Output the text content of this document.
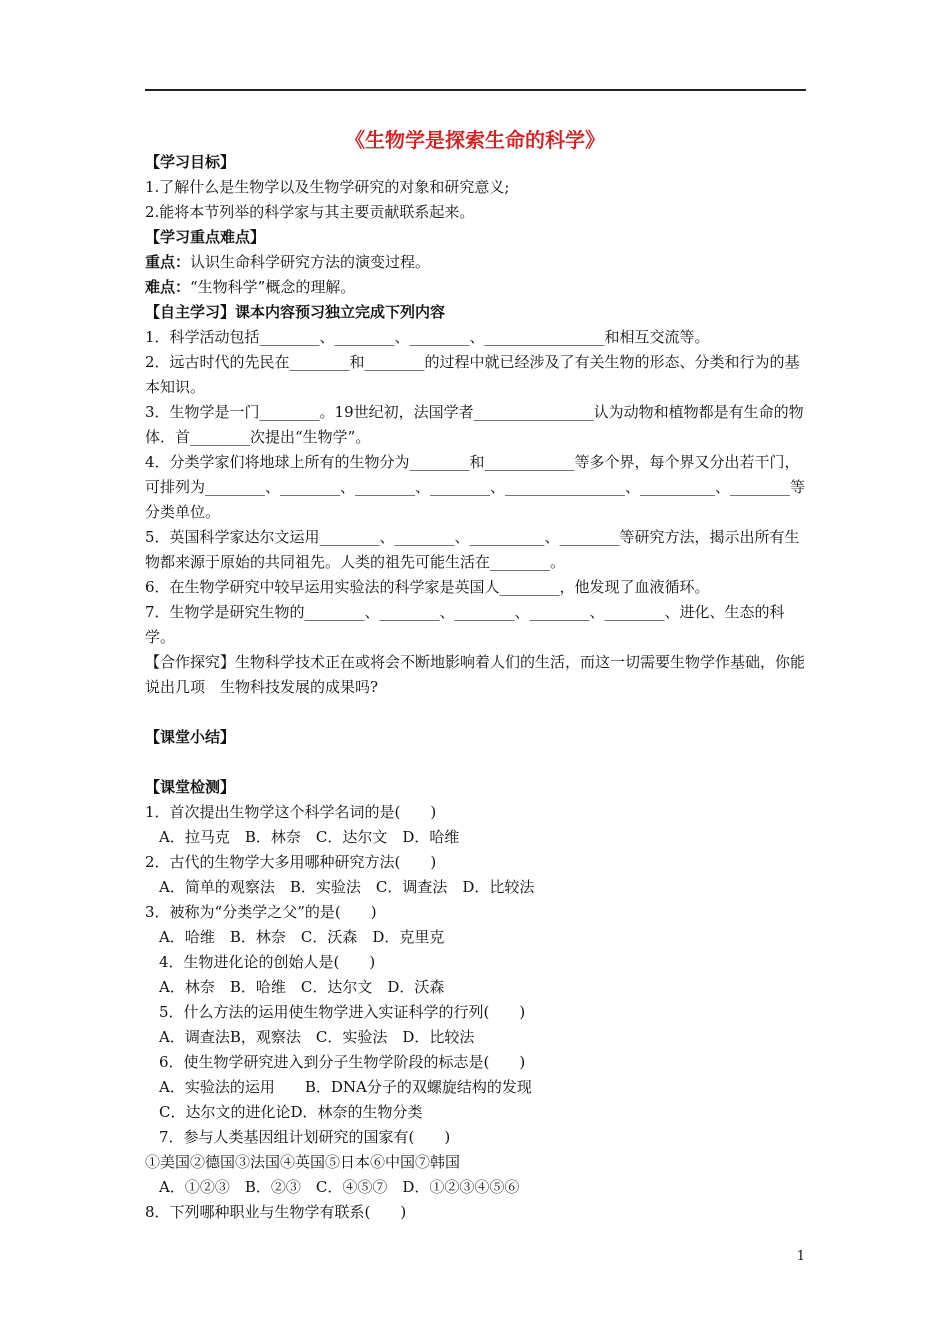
《生物学是探索生命的科学》
【学习目标】
1.了解什么是生物学以及生物学研究的对象和研究意义;
2.能将本节列举的科学家与其主要贡献联系起来。
【学习重点难点】
重点：认识生命科学研究方法的演变过程。
难点：“生物科学”概念的理解。
【自主学习】课本内容预习独立完成下列内容
1．科学活动包括________、________、________、________________和相互交流等。
2．远古时代的先民在________和________的过程中就已经涉及了有关生物的形态、分类和行为的基本知识。
3．生物学是一门________。19世纪初，法国学者________________认为动物和植物都是有生命的物体．首________次提出“生物学”。
4．分类学家们将地球上所有的生物分为________和____________等多个界，每个界又分出若干门，可排列为________、________、________、________、________________、__________、________等分类单位。
5．英国科学家达尔文运用________、________、__________、________等研究方法，揭示出所有生物都来源于原始的共同祖先。人类的祖先可能生活在________。
6．在生物学研究中较早运用实验法的科学家是英国人________，他发现了血液循环。
7．生物学是研究生物的________、________、________、________、________、进化、生态的科学。
【合作探究】生物科学技术正在或将会不断地影响着人们的生活，而这一切需要生物学作基础，你能说出几项　生物科技发展的成果吗?
【课堂小结】
【课堂检测】
1．首次提出生物学这个科学名词的是(　　)
A．拉马克　B．林奈　C．达尔文　D．哈维
2．古代的生物学大多用哪种研究方法(　　)
A．简单的观察法　B．实验法　C．调查法　D．比较法
3．被称为“分类学之父”的是(　　)
A．哈维　B．林奈　C．沃森　D．克里克
4．生物进化论的创始人是(　　)
A．林奈　B．哈维　C．达尔文　D．沃森
5．什么方法的运用使生物学进入实证科学的行列(　　)
A．调查法B，观察法　C．实验法　D．比较法
6．使生物学研究进入到分子生物学阶段的标志是(　　)
A．实验法的运用　　B．DNA分子的双螺旋结构的发现
C．达尔文的进化论D．林奈的生物分类
7．参与人类基因组计划研究的国家有(　　)
①美国②德国③法国④英国⑤日本⑥中国⑦韩国
A．①②③　B．②③　C．④⑤⑦　D．①②③④⑤⑥
8．下列哪种职业与生物学有联系(　　)
1
